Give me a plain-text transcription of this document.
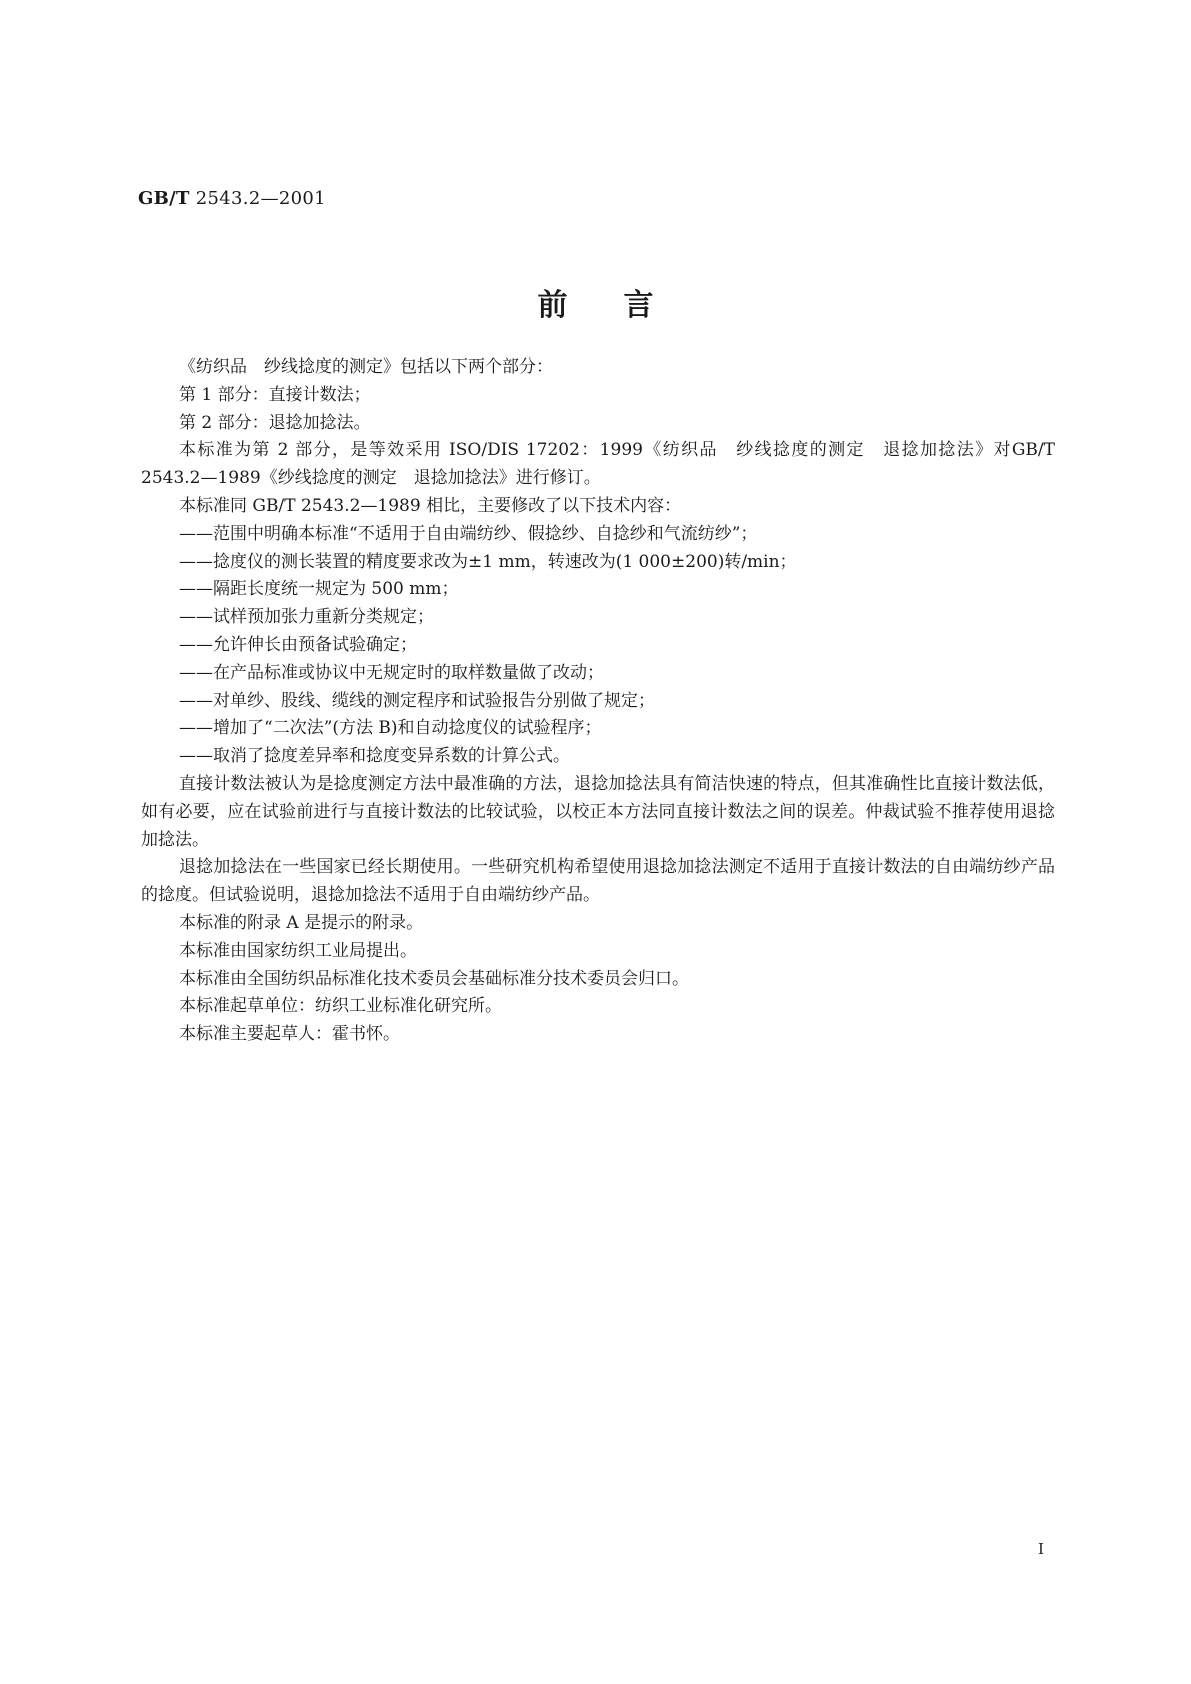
GB/T 2543.2—2001
前言

《纺织品　纱线捻度的测定》包括以下两个部分：

第 1 部分：直接计数法；

第 2 部分：退捻加捻法。

本标准为第 2 部分，是等效采用 ISO/DIS 17202：1999《纺织品　纱线捻度的测定　退捻加捻法》对GB/T 2543.2—1989《纱线捻度的测定　退捻加捻法》进行修订。

本标准同 GB/T 2543.2—1989 相比，主要修改了以下技术内容：

——范围中明确本标准“不适用于自由端纺纱、假捻纱、自捻纱和气流纺纱”；

——捻度仪的测长装置的精度要求改为±1 mm，转速改为(1 000±200)转/min；

——隔距长度统一规定为 500 mm；

——试样预加张力重新分类规定；

——允许伸长由预备试验确定；

——在产品标准或协议中无规定时的取样数量做了改动；

——对单纱、股线、缆线的测定程序和试验报告分别做了规定；

——增加了“二次法”(方法 B)和自动捻度仪的试验程序；

——取消了捻度差异率和捻度变异系数的计算公式。

直接计数法被认为是捻度测定方法中最准确的方法，退捻加捻法具有简洁快速的特点，但其准确性比直接计数法低，如有必要，应在试验前进行与直接计数法的比较试验，以校正本方法同直接计数法之间的误差。仲裁试验不推荐使用退捻加捻法。

退捻加捻法在一些国家已经长期使用。一些研究机构希望使用退捻加捻法测定不适用于直接计数法的自由端纺纱产品的捻度。但试验说明，退捻加捻法不适用于自由端纺纱产品。

本标准的附录 A 是提示的附录。

本标准由国家纺织工业局提出。

本标准由全国纺织品标准化技术委员会基础标准分技术委员会归口。

本标准起草单位：纺织工业标准化研究所。

本标准主要起草人：霍书怀。

I
